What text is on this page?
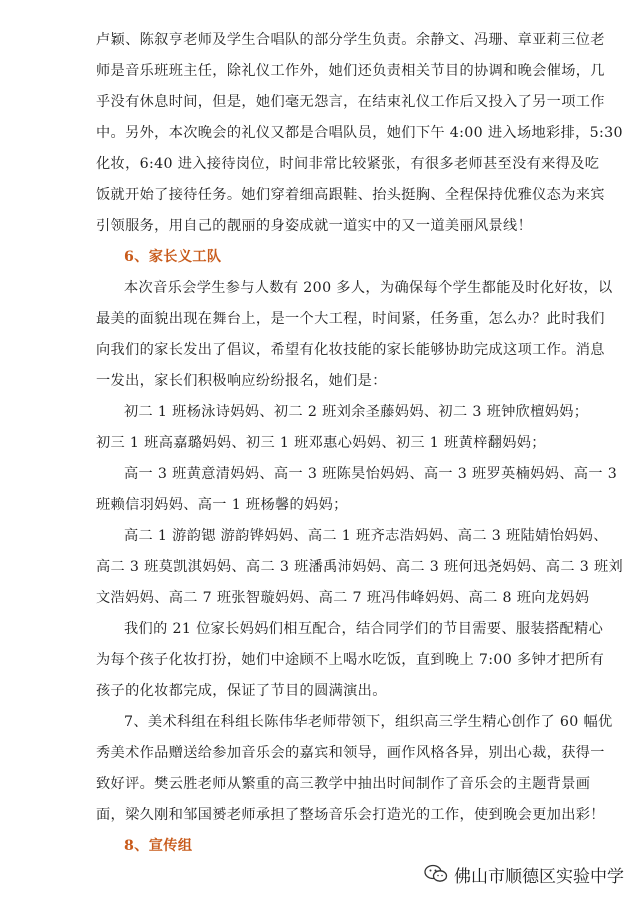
卢颖、陈叙亨老师及学生合唱队的部分学生负责。余静文、冯珊、章亚莉三位老
师是音乐班班主任，除礼仪工作外，她们还负责相关节目的协调和晚会催场，几
乎没有休息时间，但是，她们毫无怨言，在结束礼仪工作后又投入了另一项工作
中。另外，本次晚会的礼仪又都是合唱队员，她们下午 4:00 进入场地彩排，5:30
化妆，6:40 进入接待岗位，时间非常比较紧张，有很多老师甚至没有来得及吃
饭就开始了接待任务。她们穿着细高跟鞋、抬头挺胸、全程保持优雅仪态为来宾
引领服务，用自己的靓丽的身姿成就一道实中的又一道美丽风景线！
6、家长义工队
本次音乐会学生参与人数有 200 多人，为确保每个学生都能及时化好妆，以
最美的面貌出现在舞台上，是一个大工程，时间紧，任务重，怎么办？此时我们
向我们的家长发出了倡议，希望有化妆技能的家长能够协助完成这项工作。消息
一发出，家长们积极响应纷纷报名，她们是：
初二 1 班杨泳诗妈妈、初二 2 班刘余圣藤妈妈、初二 3 班钟欣檀妈妈；
初三 1 班高嘉璐妈妈、初三 1 班邓惠心妈妈、初三 1 班黄梓翻妈妈；
高一 3 班黄意清妈妈、高一 3 班陈昊怡妈妈、高一 3 班罗英楠妈妈、高一 3
班赖信羽妈妈、高一 1 班杨馨的妈妈；
高二 1 游韵锶 游韵铧妈妈、高二 1 班齐志浩妈妈、高二 3 班陆婧怡妈妈、
高二 3 班莫凯淇妈妈、高二 3 班潘禹沛妈妈、高二 3 班何迅尧妈妈、高二 3 班刘
文浩妈妈、高二 7 班张智璇妈妈、高二 7 班冯伟峰妈妈、高二 8 班向龙妈妈
我们的 21 位家长妈妈们相互配合，结合同学们的节目需要、服装搭配精心
为每个孩子化妆打扮，她们中途顾不上喝水吃饭，直到晚上 7:00 多钟才把所有
孩子的化妆都完成，保证了节目的圆满演出。
7、美术科组在科组长陈伟华老师带领下，组织高三学生精心创作了 60 幅优
秀美术作品赠送给参加音乐会的嘉宾和领导，画作风格各异，别出心裁，获得一
致好评。樊云胜老师从繁重的高三教学中抽出时间制作了音乐会的主题背景画
面，梁久刚和邹国赟老师承担了整场音乐会打造光的工作，使到晚会更加出彩！
8、宣传组
佛山市顺德区实验中学
